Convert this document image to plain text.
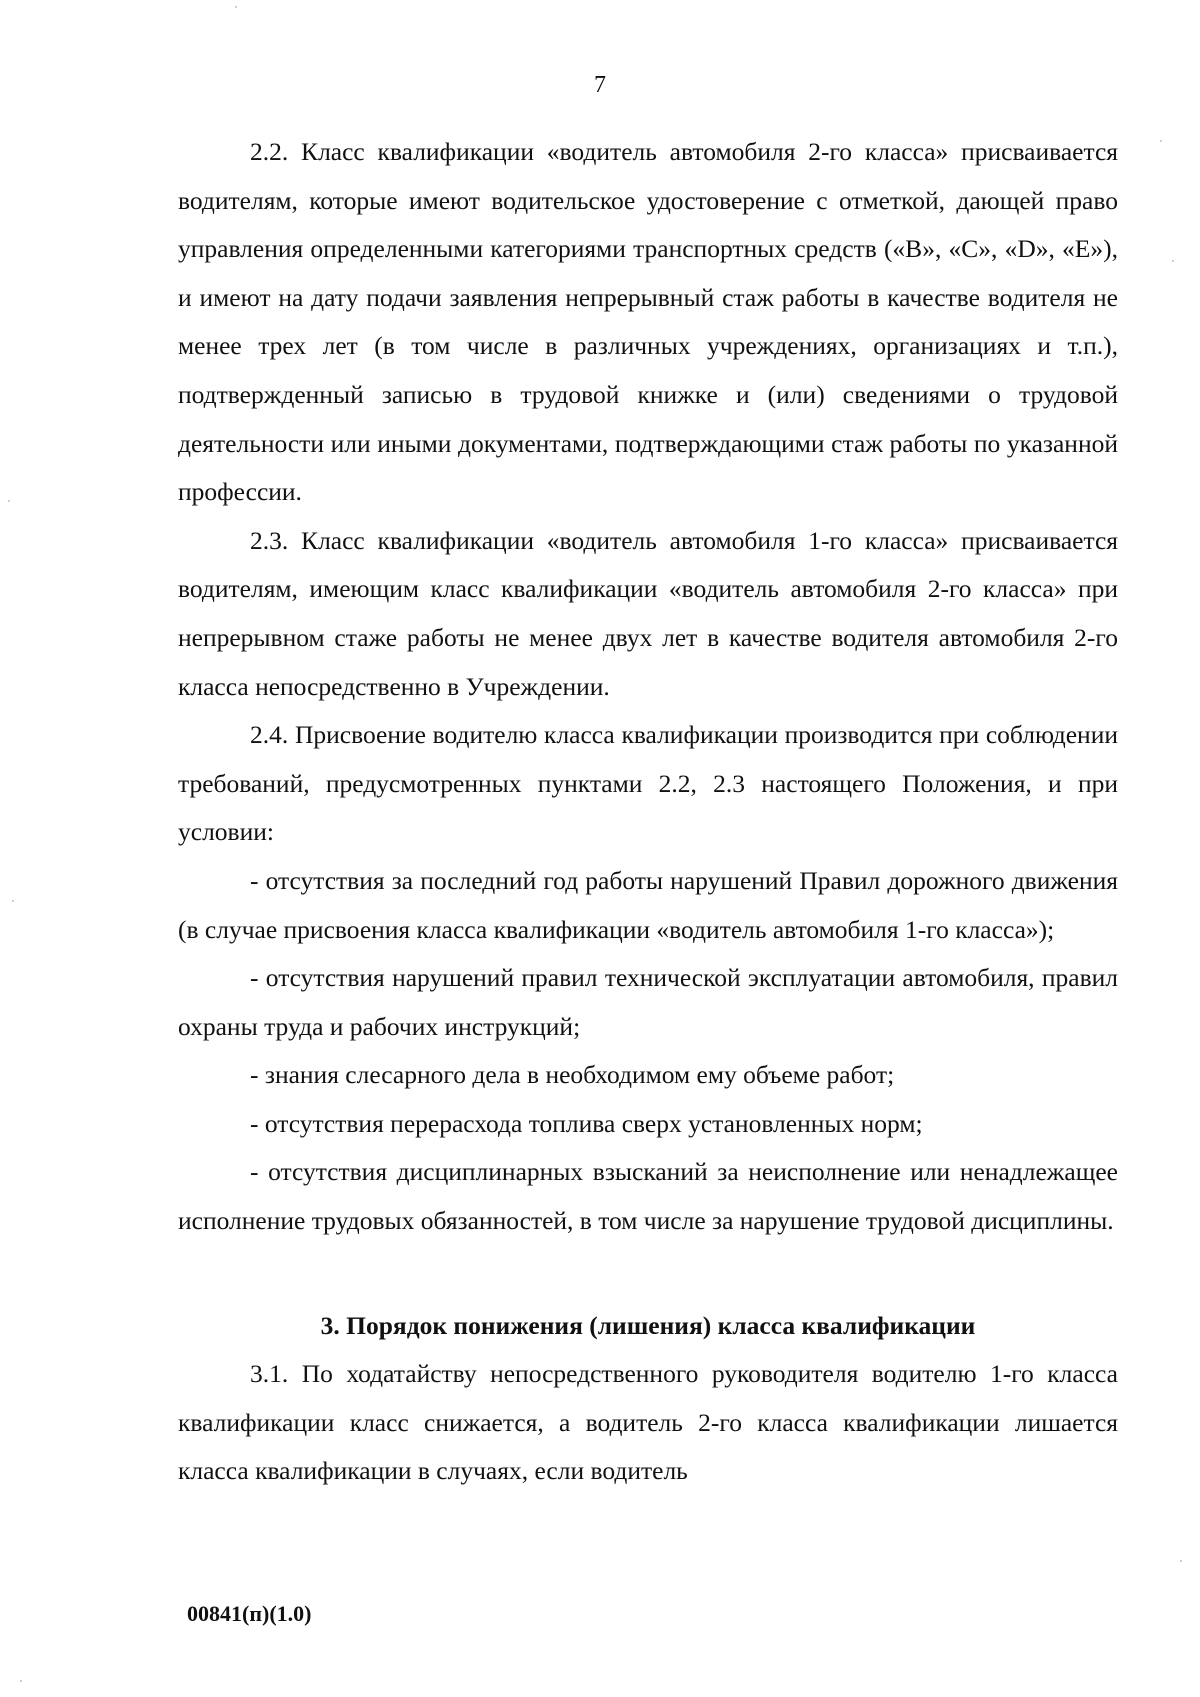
7

2.2. Класс квалификации «водитель автомобиля 2-го класса» присваивается водителям, которые имеют водительское удостоверение с отметкой, дающей право управления определенными категориями транспортных средств («B», «C», «D», «E»), и имеют на дату подачи заявления непрерывный стаж работы в качестве водителя не менее трех лет (в том числе в различных учреждениях, организациях и т.п.), подтвержденный записью в трудовой книжке и (или) сведениями о трудовой деятельности или иными документами, подтверждающими стаж работы по указанной профессии.

2.3. Класс квалификации «водитель автомобиля 1-го класса» присваивается водителям, имеющим класс квалификации «водитель автомобиля 2-го класса» при непрерывном стаже работы не менее двух лет в качестве водителя автомобиля 2-го класса непосредственно в Учреждении.

2.4. Присвоение водителю класса квалификации производится при соблюдении требований, предусмотренных пунктами 2.2, 2.3 настоящего Положения, и при условии:

- отсутствия за последний год работы нарушений Правил дорожного движения (в случае присвоения класса квалификации «водитель автомобиля 1-го класса»);

- отсутствия нарушений правил технической эксплуатации автомобиля, правил охраны труда и рабочих инструкций;

- знания слесарного дела в необходимом ему объеме работ;

- отсутствия перерасхода топлива сверх установленных норм;

- отсутствия дисциплинарных взысканий за неисполнение или ненадлежащее исполнение трудовых обязанностей, в том числе за нарушение трудовой дисциплины.

3. Порядок понижения (лишения) класса квалификации

3.1. По ходатайству непосредственного руководителя водителю 1-го класса квалификации класс снижается, а водитель 2-го класса квалификации лишается класса квалификации в случаях, если водитель

00841(п)(1.0)
